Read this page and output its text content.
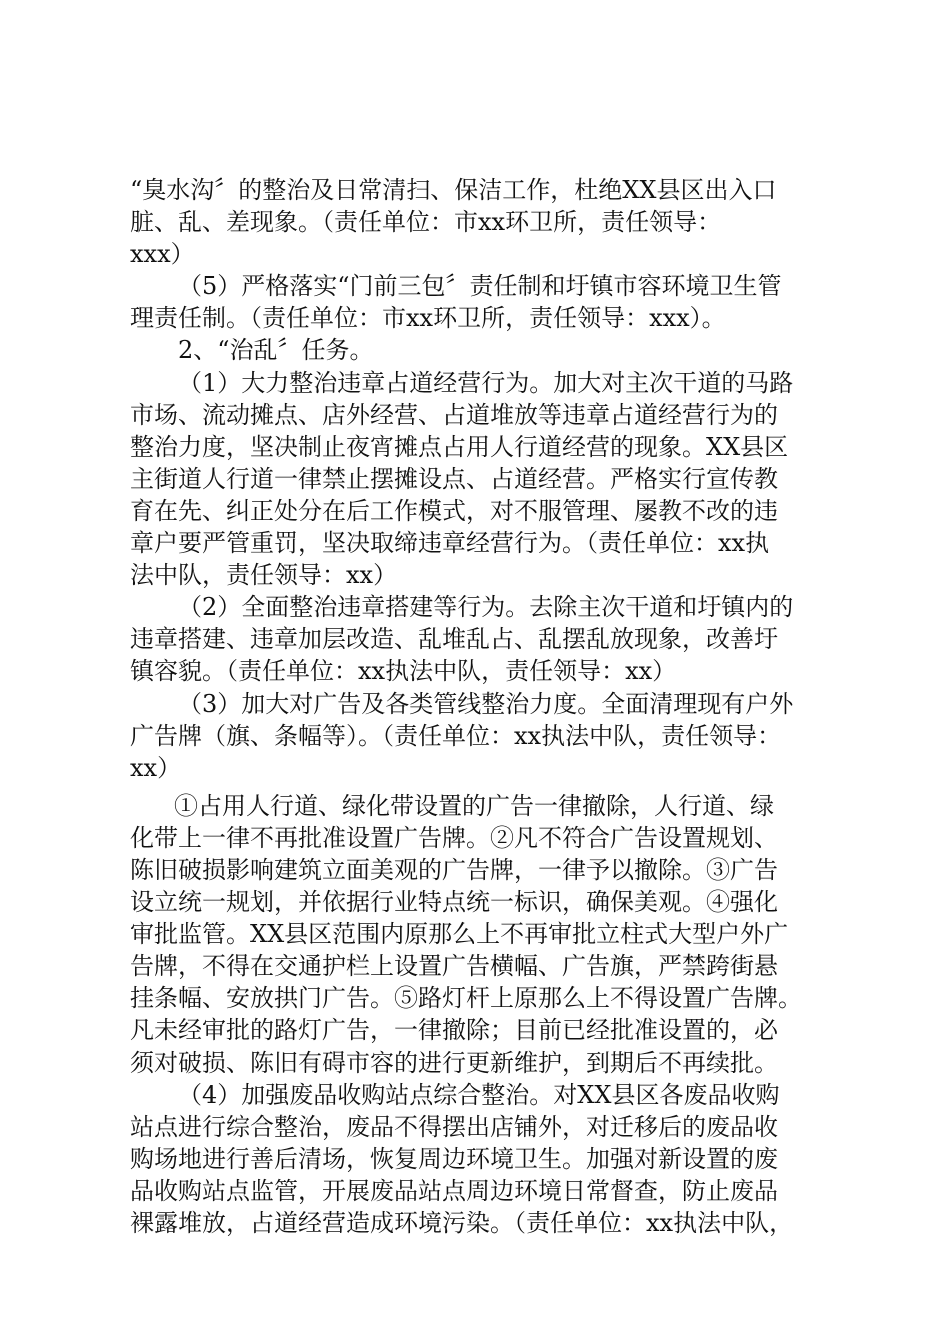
“臭水沟〞的整治及日常清扫、保洁工作，杜绝XX县区出入口
脏、乱、差现象。（责任单位：市xx环卫所，责任领导：
xxx）
（5）严格落实“门前三包〞责任制和圩镇市容环境卫生管
理责任制。（责任单位：市xx环卫所，责任领导：xxx）。
2、“治乱〞任务。
（1）大力整治违章占道经营行为。加大对主次干道的马路
市场、流动摊点、店外经营、占道堆放等违章占道经营行为的
整治力度，坚决制止夜宵摊点占用人行道经营的现象。XX县区
主街道人行道一律禁止摆摊设点、占道经营。严格实行宣传教
育在先、纠正处分在后工作模式，对不服管理、屡教不改的违
章户要严管重罚，坚决取缔违章经营行为。（责任单位：xx执
法中队，责任领导：xx）
（2）全面整治违章搭建等行为。去除主次干道和圩镇内的
违章搭建、违章加层改造、乱堆乱占、乱摆乱放现象，改善圩
镇容貌。（责任单位：xx执法中队，责任领导：xx）
（3）加大对广告及各类管线整治力度。全面清理现有户外
广告牌（旗、条幅等）。（责任单位：xx执法中队，责任领导：
xx）
①占用人行道、绿化带设置的广告一律撤除，人行道、绿
化带上一律不再批准设置广告牌。②凡不符合广告设置规划、
陈旧破损影响建筑立面美观的广告牌，一律予以撤除。③广告
设立统一规划，并依据行业特点统一标识，确保美观。④强化
审批监管。XX县区范围内原那么上不再审批立柱式大型户外广
告牌，不得在交通护栏上设置广告横幅、广告旗，严禁跨街悬
挂条幅、安放拱门广告。⑤路灯杆上原那么上不得设置广告牌。
凡未经审批的路灯广告，一律撤除；目前已经批准设置的，必
须对破损、陈旧有碍市容的进行更新维护，到期后不再续批。
（4）加强废品收购站点综合整治。对XX县区各废品收购
站点进行综合整治，废品不得摆出店铺外，对迁移后的废品收
购场地进行善后清场，恢复周边环境卫生。加强对新设置的废
品收购站点监管，开展废品站点周边环境日常督查，防止废品
裸露堆放，占道经营造成环境污染。（责任单位：xx执法中队，
